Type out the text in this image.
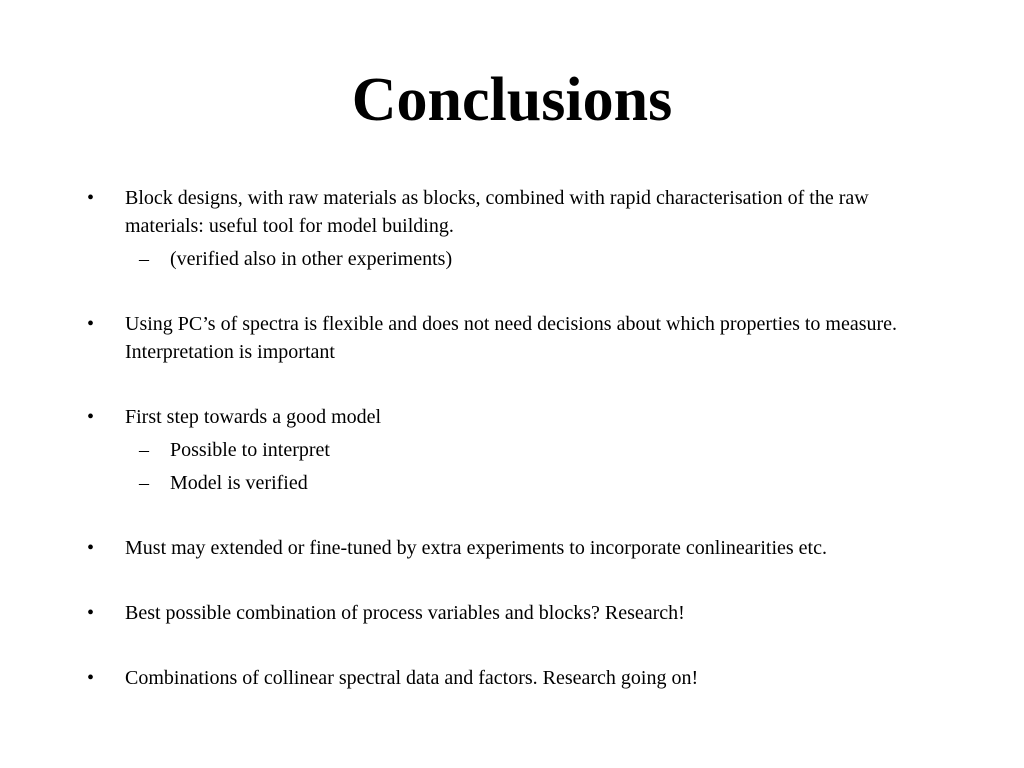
Conclusions
• Block designs, with raw materials as blocks, combined with rapid characterisation of the raw materials: useful tool for model building.
– (verified also in other experiments)
• Using PC’s of spectra is flexible and does not need decisions about which properties to measure. Interpretation is important
• First step towards a good model
– Possible to interpret
– Model is verified
• Must may extended or fine-tuned by extra experiments to incorporate conlinearities etc.
• Best possible combination of process variables and blocks? Research!
• Combinations of collinear spectral data and factors. Research going on!
